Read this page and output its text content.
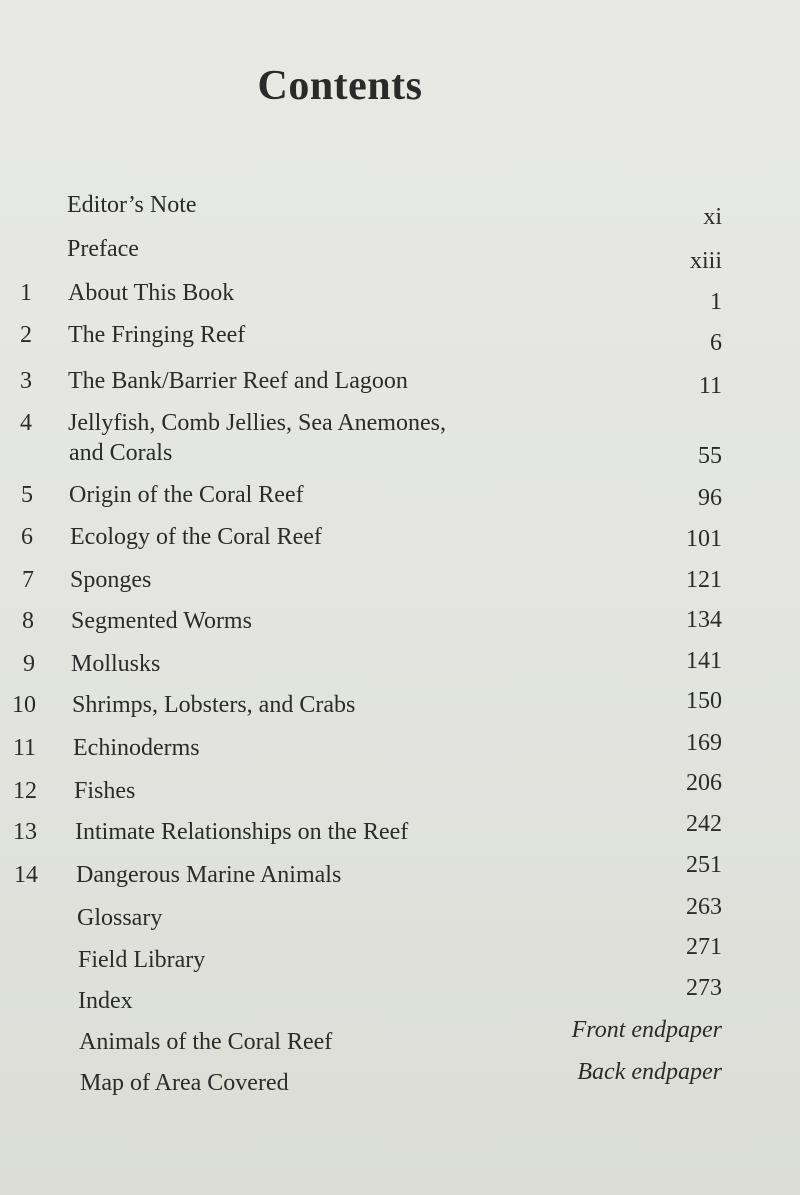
Contents
Editor’s Note	xi
Preface	xiii
1 About This Book	1
2 The Fringing Reef	6
3 The Bank/Barrier Reef and Lagoon	11
4 Jellyfish, Comb Jellies, Sea Anemones,
and Corals	55
5 Origin of the Coral Reef	96
6 Ecology of the Coral Reef	101
7 Sponges	121
8 Segmented Worms	134
9 Mollusks	141
10 Shrimps, Lobsters, and Crabs	150
11 Echinoderms	169
12 Fishes	206
13 Intimate Relationships on the Reef	242
14 Dangerous Marine Animals	251
Glossary	263
Field Library	271
Index	273
Animals of the Coral Reef	Front endpaper
Map of Area Covered	Back endpaper
